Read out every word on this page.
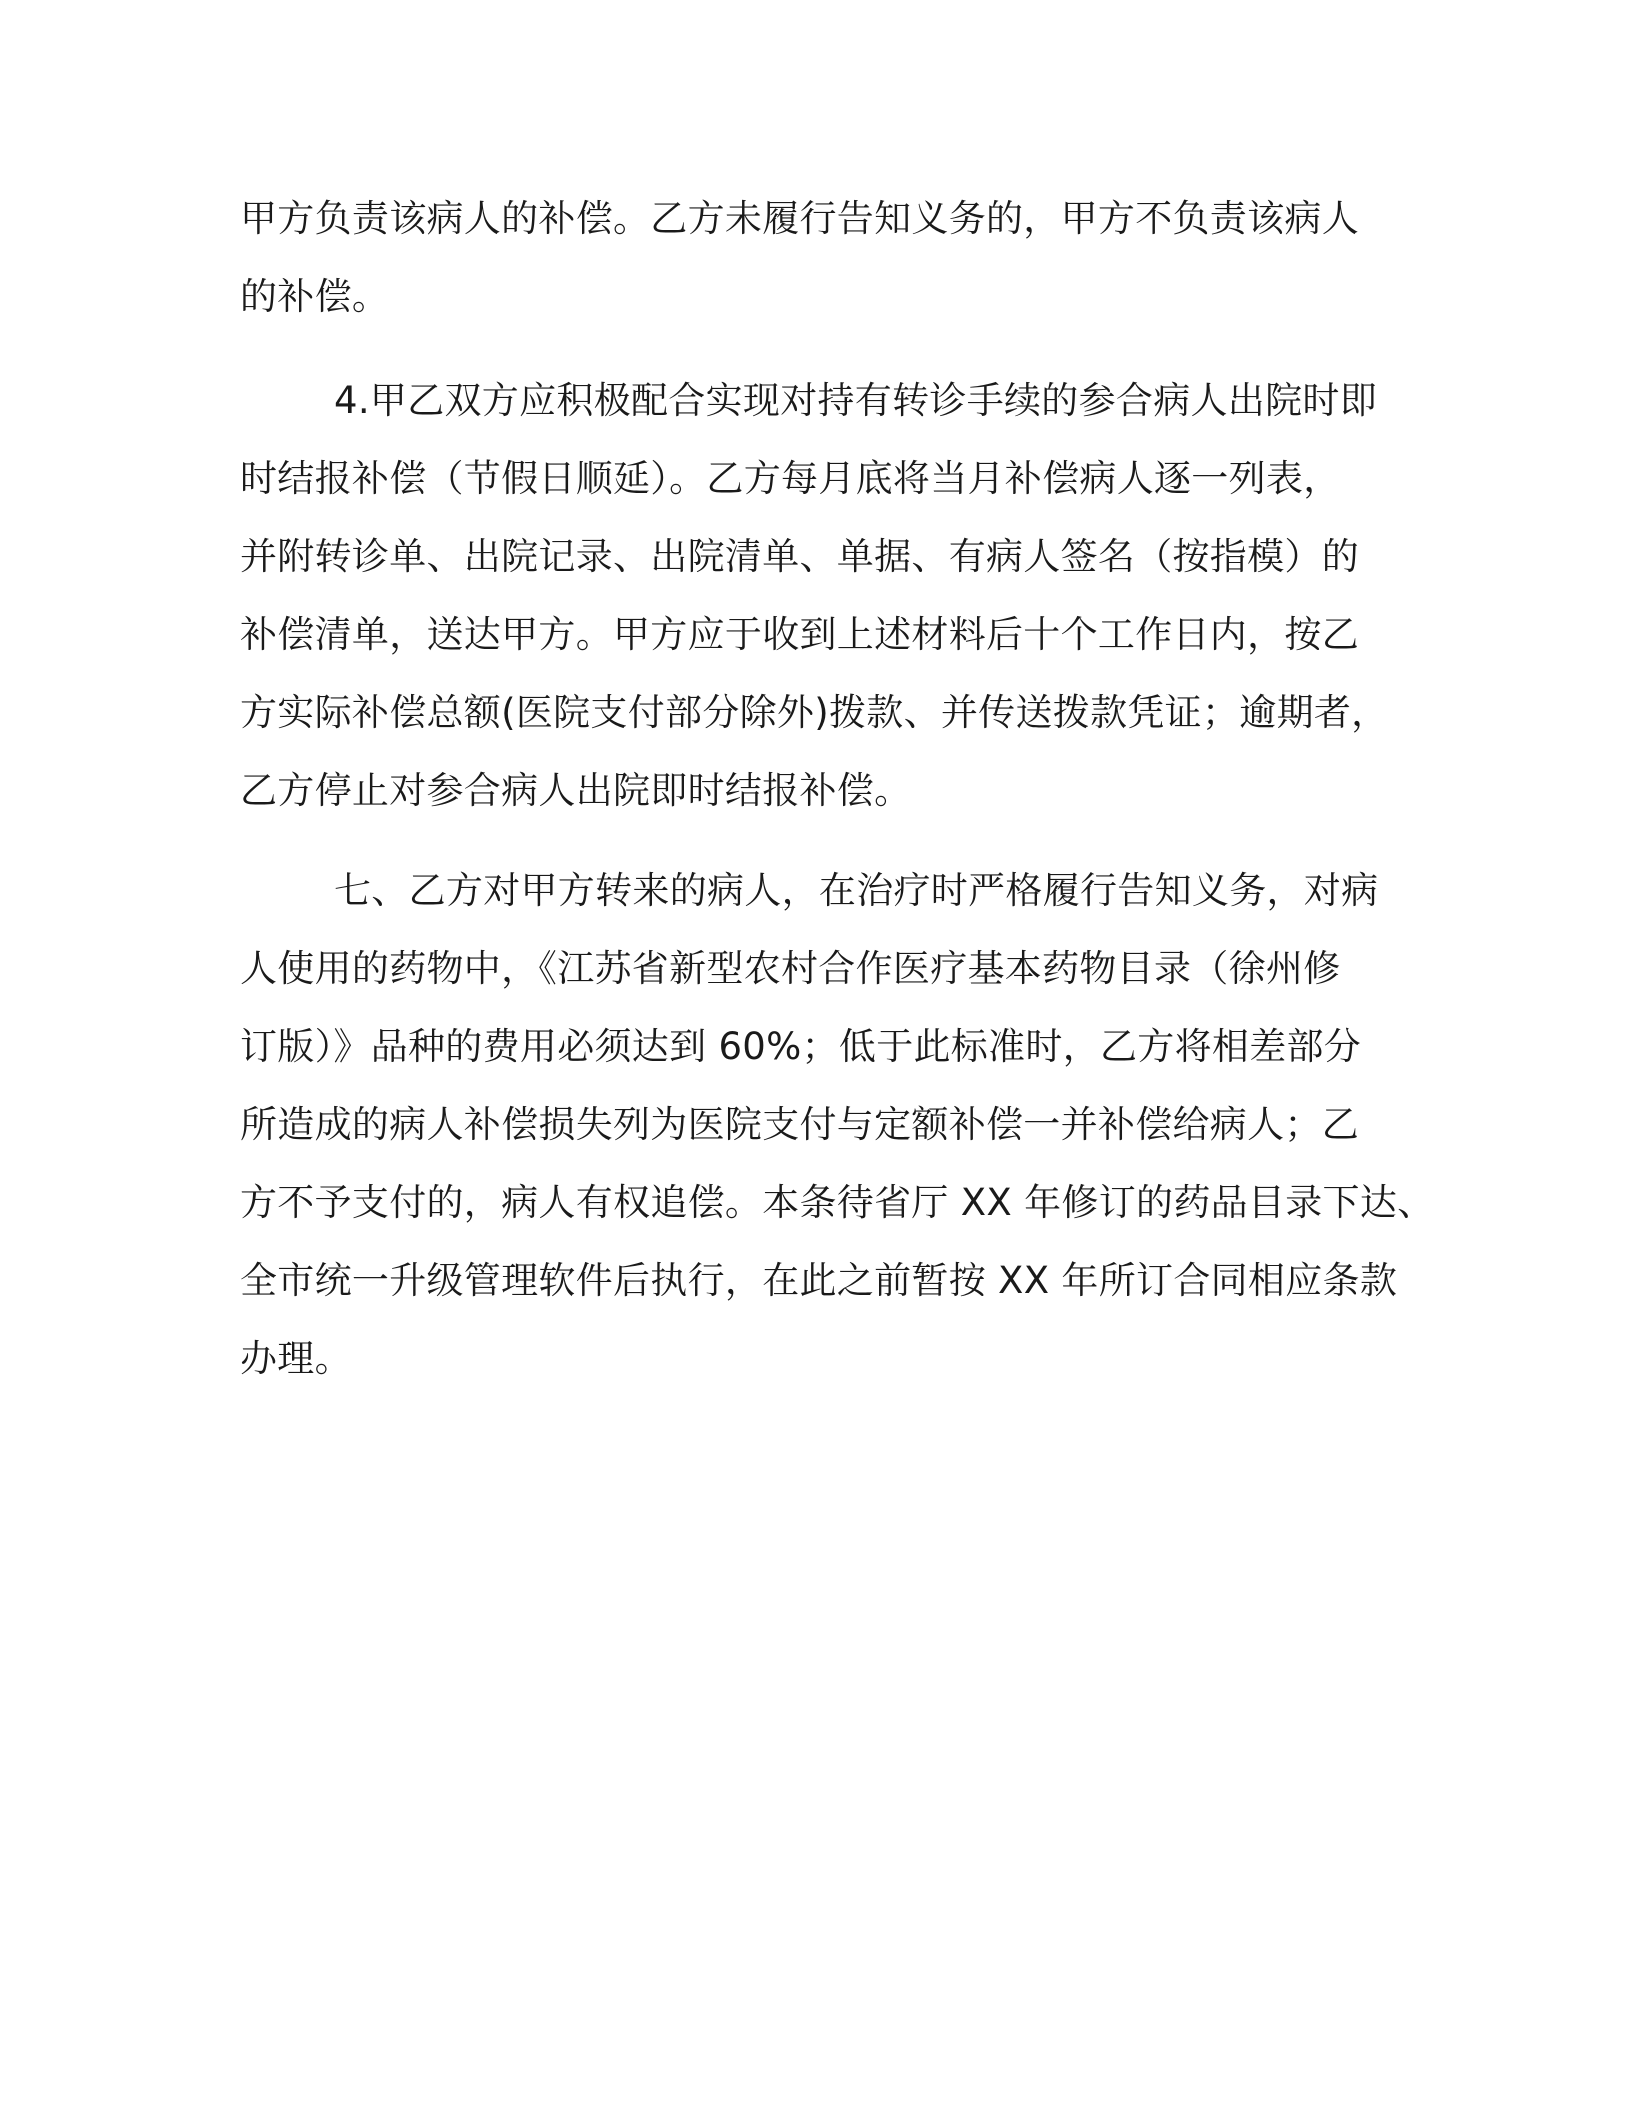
甲方负责该病人的补偿。乙方未履行告知义务的，甲方不负责该病人
的补偿。
4.甲乙双方应积极配合实现对持有转诊手续的参合病人出院时即
时结报补偿（节假日顺延）。乙方每月底将当月补偿病人逐一列表，
并附转诊单、出院记录、出院清单、单据、有病人签名（按指模）的
补偿清单，送达甲方。甲方应于收到上述材料后十个工作日内，按乙
方实际补偿总额(医院支付部分除外)拨款、并传送拨款凭证；逾期者，
乙方停止对参合病人出院即时结报补偿。
七、乙方对甲方转来的病人，在治疗时严格履行告知义务，对病
人使用的药物中，《江苏省新型农村合作医疗基本药物目录（徐州修
订版）》品种的费用必须达到 60%；低于此标准时，乙方将相差部分
所造成的病人补偿损失列为医院支付与定额补偿一并补偿给病人；乙
方不予支付的，病人有权追偿。本条待省厅 XX 年修订的药品目录下达、
全市统一升级管理软件后执行，在此之前暂按 XX 年所订合同相应条款
办理。
